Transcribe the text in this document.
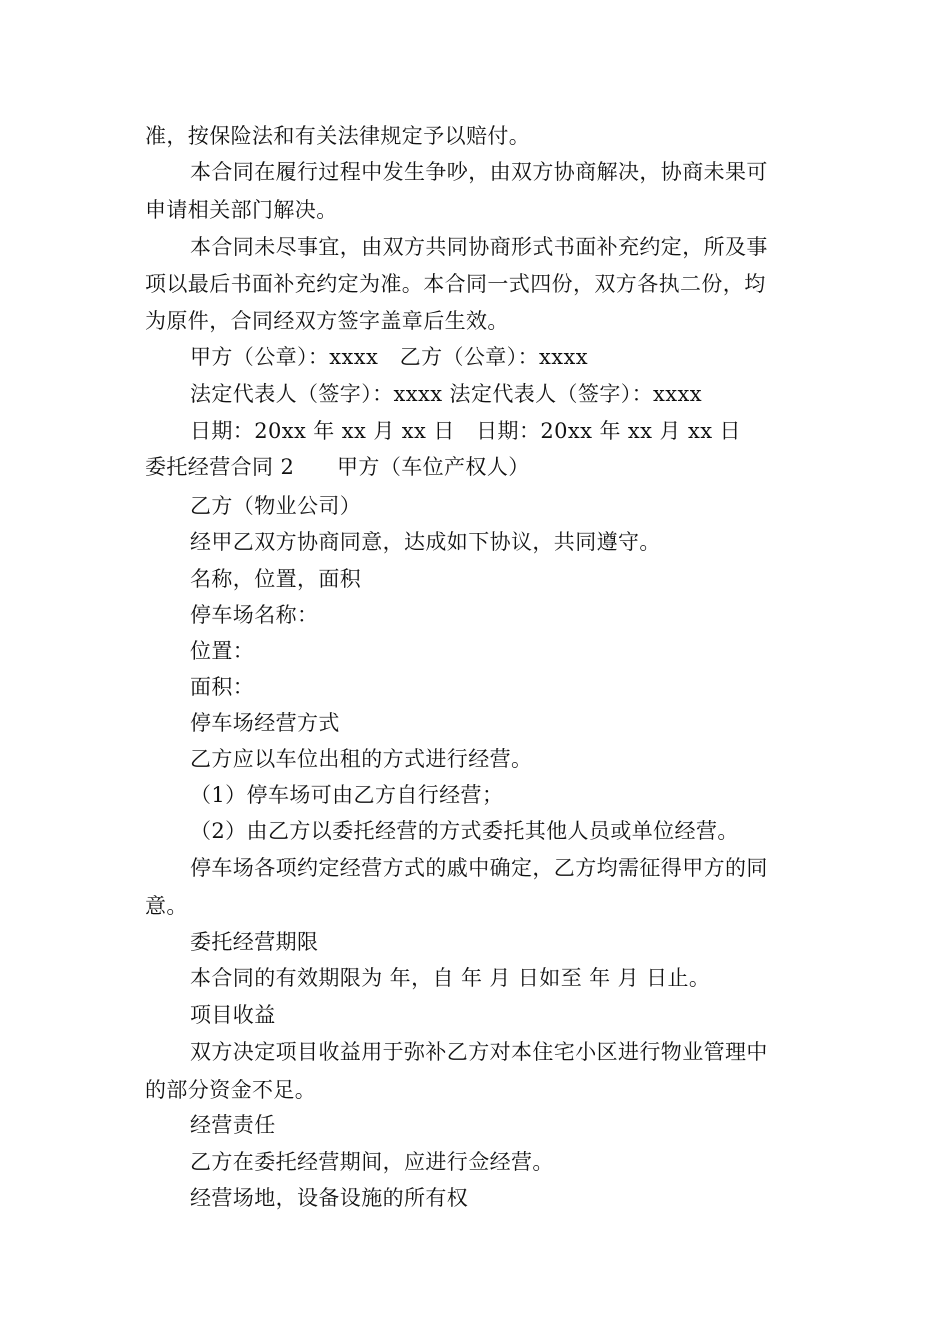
准，按保险法和有关法律规定予以赔付。
本合同在履行过程中发生争吵，由双方协商解决，协商未果可
申请相关部门解决。
本合同未尽事宜，由双方共同协商形式书面补充约定，所及事
项以最后书面补充约定为准。本合同一式四份，双方各执二份，均
为原件，合同经双方签字盖章后生效。
甲方（公章）：xxxx　乙方（公章）：xxxx
法定代表人（签字）：xxxx 法定代表人（签字）：xxxx
日期：20xx 年 xx 月 xx 日　日期：20xx 年 xx 月 xx 日
委托经营合同 2　　甲方（车位产权人）
乙方（物业公司）
经甲乙双方协商同意，达成如下协议，共同遵守。
名称，位置，面积
停车场名称：
位置：
面积：
停车场经营方式
乙方应以车位出租的方式进行经营。
（1）停车场可由乙方自行经营；
（2）由乙方以委托经营的方式委托其他人员或单位经营。
停车场各项约定经营方式的戚中确定，乙方均需征得甲方的同
意。
委托经营期限
本合同的有效期限为 年，自 年 月 日如至 年 月 日止。
项目收益
双方决定项目收益用于弥补乙方对本住宅小区进行物业管理中
的部分资金不足。
经营责任
乙方在委托经营期间，应进行佥经营。
经营场地，设备设施的所有权
